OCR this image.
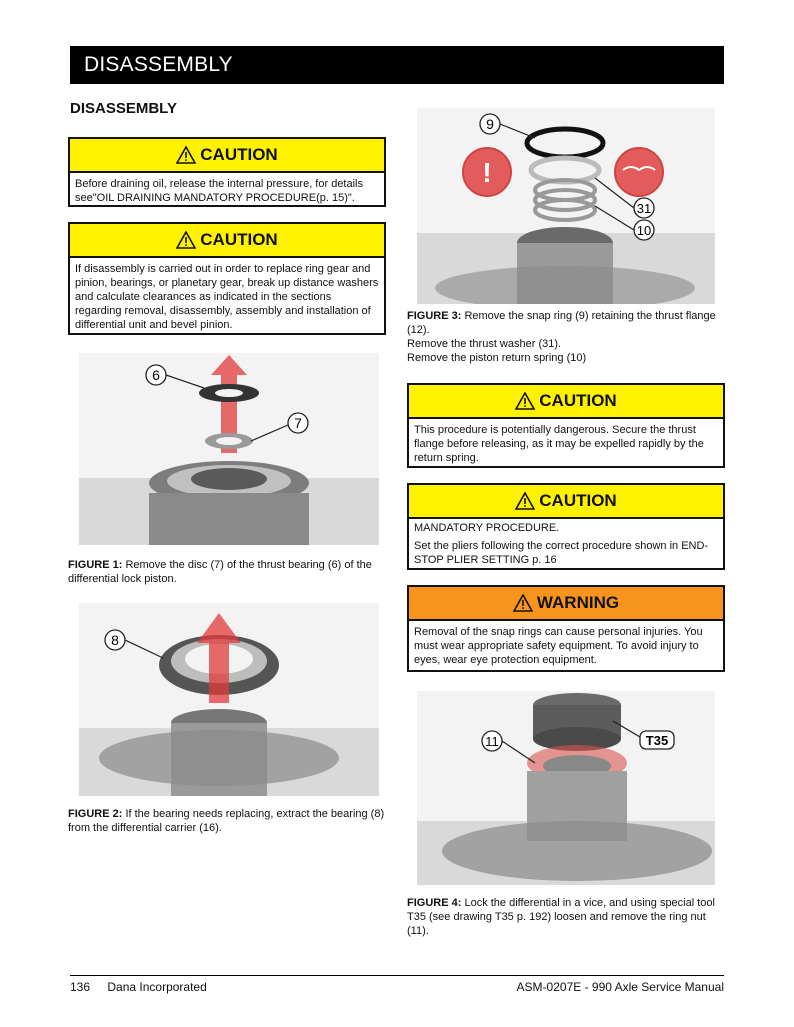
DISASSEMBLY
DISASSEMBLY
CAUTION

Before draining oil, release the internal pressure, for details see"OIL DRAINING MANDATORY PROCEDURE(p. 15)".

CAUTION

If disassembly is carried out in order to replace ring gear and pinion, bearings, or planetary gear, break up distance washers and calculate clearances as indicated in the sections regarding removal, disassembly, assembly and installation of differential unit and bevel pinion.

6
7
FIGURE 1: Remove the disc (7) of the thrust bearing (6) of the differential lock piston.
8
FIGURE 2: If the bearing needs replacing, extract the bearing (8) from the differential carrier (16).
!
9
31
10
FIGURE 3: Remove the snap ring (9) retaining the thrust flange (12).
Remove the thrust washer (31).
Remove the piston return spring (10)
CAUTION

This procedure is potentially dangerous. Secure the thrust flange before releasing, as it may be expelled rapidly by the return spring.

CAUTION

MANDATORY PROCEDURE.

Set the pliers following the correct procedure shown in END-STOP PLIER SETTING p. 16

WARNING

Removal of the snap rings can cause personal injuries. You must wear appropriate safety equipment. To avoid injury to eyes, wear eye protection equipment.

11	T35
FIGURE 4: Lock the differential in a vice, and using special tool T35 (see drawing T35 p. 192) loosen and remove the ring nut (11).
136 Dana Incorporated	ASM-0207E - 990 Axle Service Manual
